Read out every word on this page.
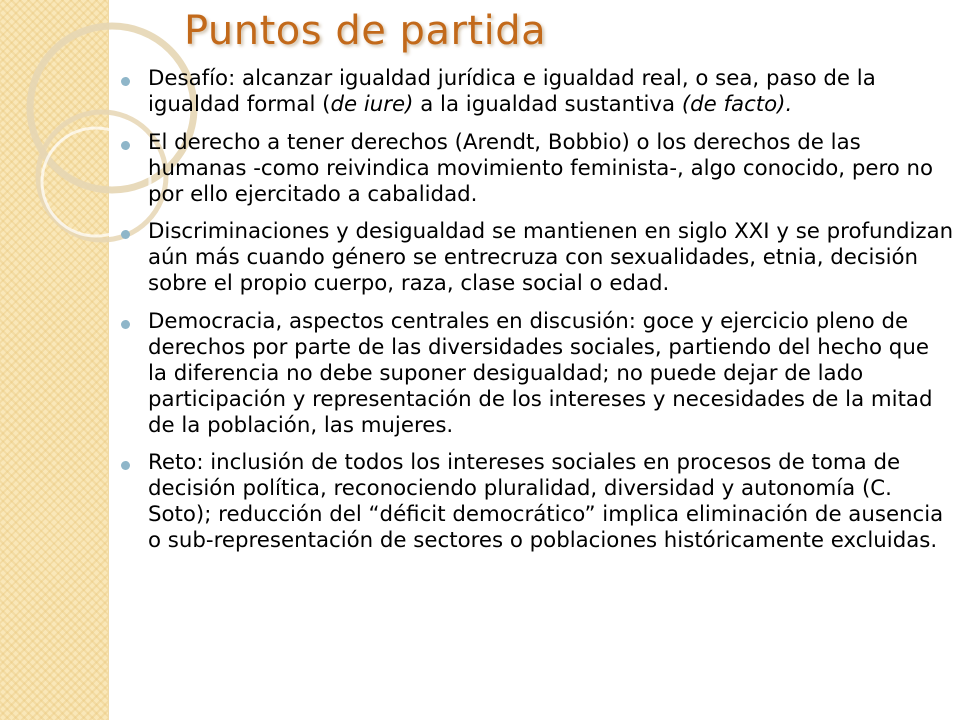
Puntos de partida
Desafío: alcanzar igualdad jurídica e igualdad real, o sea, paso de la igualdad formal (de iure) a la igualdad sustantiva (de facto).
El derecho a tener derechos (Arendt, Bobbio) o los derechos de las humanas -como reivindica movimiento feminista-, algo conocido, pero no por ello ejercitado a cabalidad.
Discriminaciones y desigualdad se mantienen en siglo XXI y se profundizan aún más cuando género se entrecruza con sexualidades, etnia, decisión sobre el propio cuerpo, raza, clase social o edad.
Democracia, aspectos centrales en discusión: goce y ejercicio pleno de derechos por parte de las diversidades sociales, partiendo del hecho que la diferencia no debe suponer desigualdad; no puede dejar de lado participación y representación de los intereses y necesidades de la mitad de la población, las mujeres.
Reto: inclusión de todos los intereses sociales en procesos de toma de decisión política, reconociendo pluralidad, diversidad y autonomía (C. Soto); reducción del “déficit democrático” implica eliminación de ausencia o sub-representación de sectores o poblaciones históricamente excluidas.
